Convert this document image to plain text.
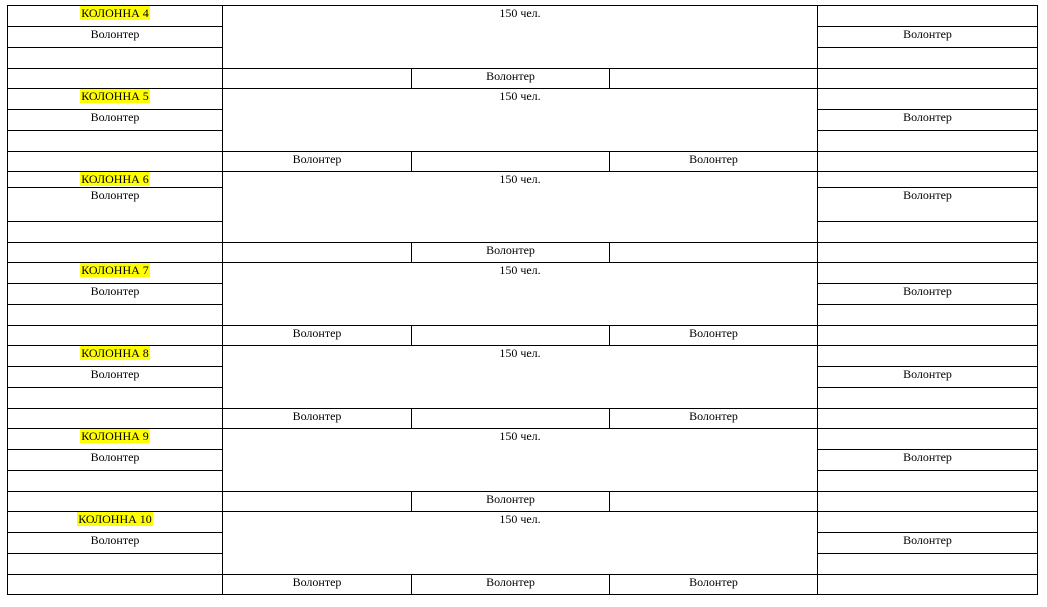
КОЛОННА 4	150 чел.			
Волонтер				Волонтер

		Волонтер		
КОЛОННА 5	150 чел.			
Волонтер				Волонтер

	Волонтер		Волонтер	
КОЛОННА 6	150 чел.			
Волонтер				Волонтер

		Волонтер		
КОЛОННА 7	150 чел.			
Волонтер				Волонтер

	Волонтер		Волонтер	
КОЛОННА 8	150 чел.			
Волонтер				Волонтер

	Волонтер		Волонтер	
КОЛОННА 9	150 чел.			
Волонтер				Волонтер

		Волонтер		
КОЛОННА 10	150 чел.			
Волонтер				Волонтер

	Волонтер	Волонтер	Волонтер	
